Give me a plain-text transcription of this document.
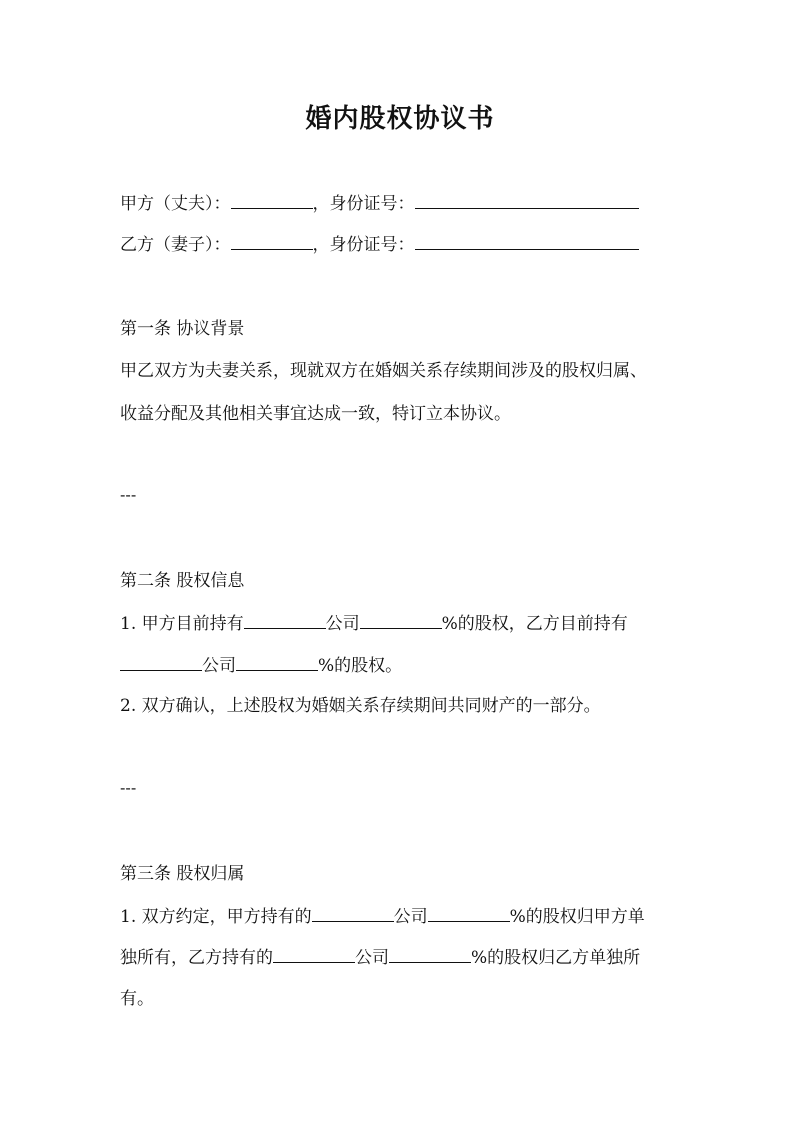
婚内股权协议书
甲方（丈夫）：	，身份证号：
乙方（妻子）：	，身份证号：
第一条 协议背景
甲乙双方为夫妻关系，现就双方在婚姻关系存续期间涉及的股权归属、
收益分配及其他相关事宜达成一致，特订立本协议。
---
第二条 股权信息
1. 甲方目前持有	公司	%的股权，乙方目前持有
公司	%的股权。
2. 双方确认，上述股权为婚姻关系存续期间共同财产的一部分。
---
第三条 股权归属
1. 双方约定，甲方持有的	公司	%的股权归甲方单
独所有，乙方持有的	公司	%的股权归乙方单独所
有。
